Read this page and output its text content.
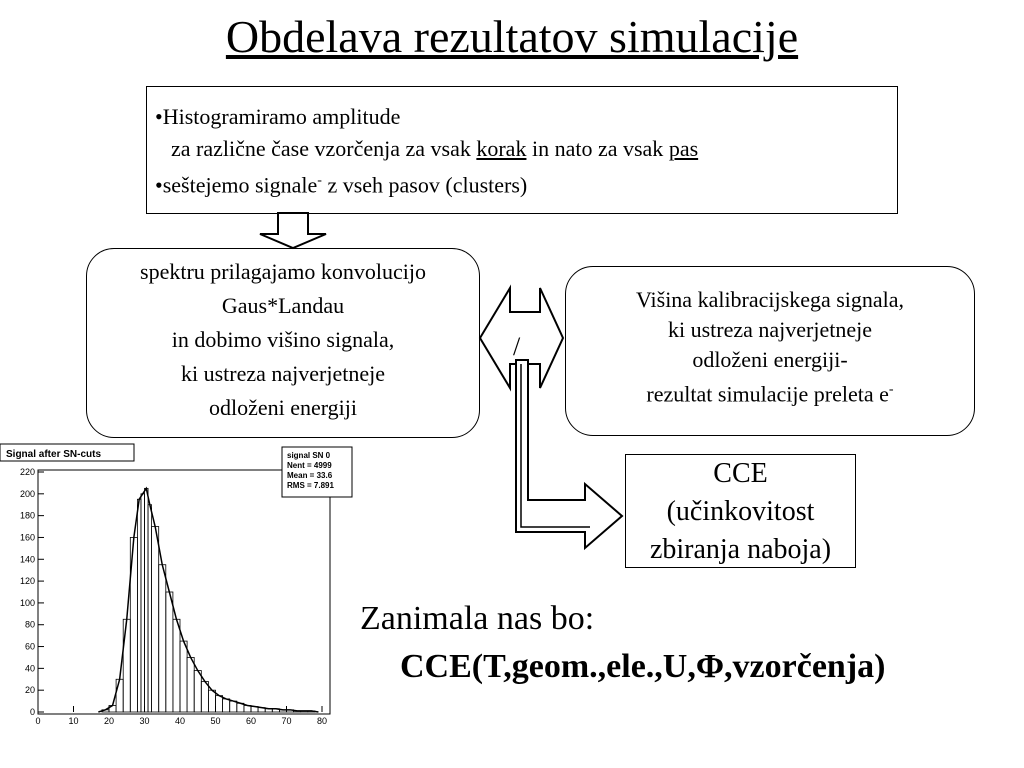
Obdelava rezultatov simulacije
•Histogramiramo amplitude
za različne čase vzorčenja za vsak korak in nato za vsak pas
•seštejemo signale- z vseh pasov (clusters)
spektru prilagajamo konvolucijo
Gaus*Landau
in dobimo višino signala,
ki ustreza najverjetneje
odloženi energiji
Višina kalibracijskega signala,
ki ustreza najverjetneje
odloženi energiji-
rezultat simulacije preleta e-
CCE
(učinkovitost
zbiranja naboja)
/
Signal after SN-cuts
0
20
40
60
80
100
120
140
160
180
200
220
0	10	20	30	40	50	60	70	80
signal SN 0
Nent = 4999
Mean = 33.6
RMS = 7.891
Zanimala nas bo:
CCE(T,geom.,ele.,U,Φ,vzorčenja)
